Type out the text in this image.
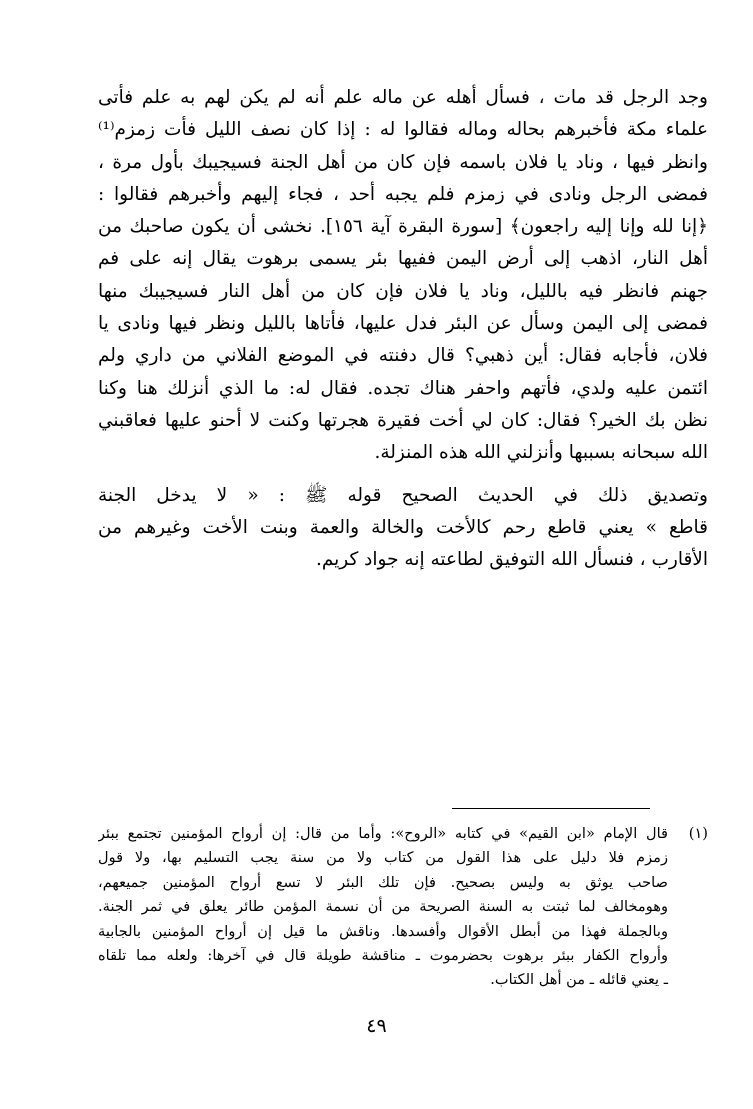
وجد الرجل قد مات ، فسأل أهله عن ماله علم أنه لم يكن لهم به علم فأتى
علماء مكة فأخبرهم بحاله وماله فقالوا له : إذا كان نصف الليل فأت زمزم⁽¹⁾
وانظر فيها ، وناد يا فلان باسمه فإن كان من أهل الجنة فسيجيبك بأول مرة ،
فمضى الرجل ونادى في زمزم فلم يجبه أحد ، فجاء إليهم وأخبرهم فقالوا :
﴿إنا لله وإنا إليه راجعون﴾ [سورة البقرة آية ١٥٦]. نخشى أن يكون صاحبك من
أهل النار، اذهب إلى أرض اليمن ففيها بئر يسمى برهوت يقال إنه على فم
جهنم فانظر فيه بالليل، وناد يا فلان فإن كان من أهل النار فسيجيبك منها
فمضى إلى اليمن وسأل عن البئر فدل عليها، فأتاها بالليل ونظر فيها ونادى يا
فلان، فأجابه فقال: أين ذهبي؟ قال دفنته في الموضع الفلاني من داري ولم
ائتمن عليه ولدي، فأتهم واحفر هناك تجده. فقال له: ما الذي أنزلك هنا وكنا
نظن بك الخير؟ فقال: كان لي أخت فقيرة هجرتها وكنت لا أحنو عليها فعاقبني
الله سبحانه بسببها وأنزلني الله هذه المنزلة.
وتصديق ذلك في الحديث الصحيح قوله ﷺ : « لا يدخل الجنة
قاطع » يعني قاطع رحم كالأخت والخالة والعمة وبنت الأخت وغيرهم من
الأقارب ، فنسأل الله التوفيق لطاعته إنه جواد كريم.
(١)
قال الإمام «ابن القيم» في كتابه «الروح»: وأما من قال: إن أرواح المؤمنين تجتمع ببئر
زمزم فلا دليل على هذا القول من كتاب ولا من سنة يجب التسليم بها، ولا قول
صاحب يوثق به وليس بصحيح. فإن تلك البئر لا تسع أرواح المؤمنين جميعهم،
وهومخالف لما ثبتت به السنة الصريحة من أن نسمة المؤمن طائر يعلق في ثمر الجنة.
وبالجملة فهذا من أبطل الأقوال وأفسدها. وناقش ما قيل إن أرواح المؤمنين بالجابية
وأرواح الكفار ببئر برهوت بحضرموت ـ مناقشة طويلة قال في آخرها: ولعله مما تلقاه
ـ يعني قائله ـ من أهل الكتاب.
٤٩
